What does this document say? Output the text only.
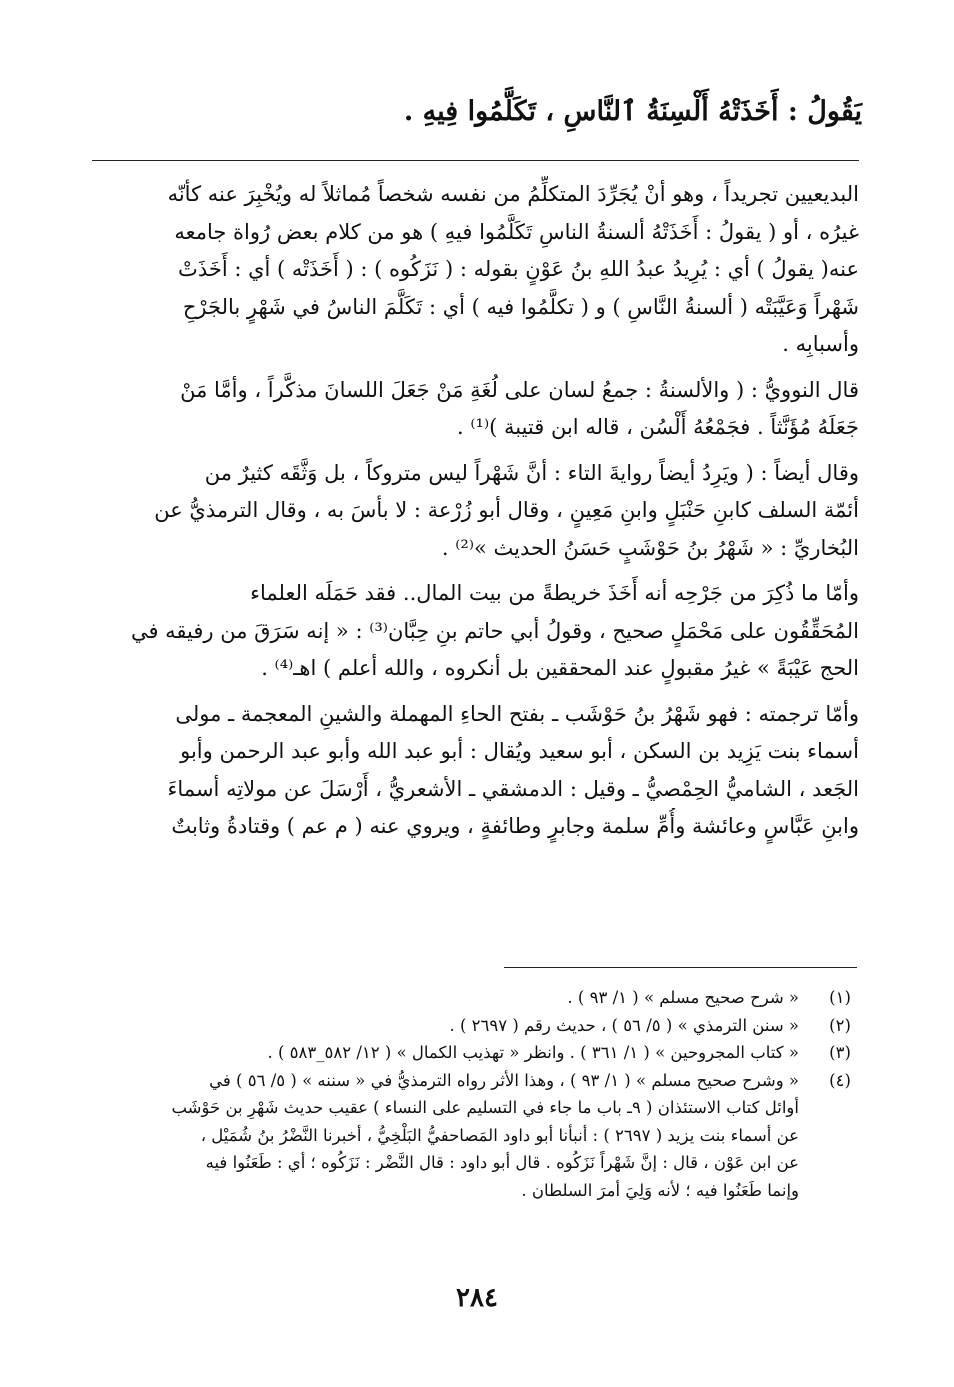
يَقُولُ : أَخَذَتْهُ أَلْسِنَةُ ٱلنَّاسِ ، تَكَلَّمُوا فِيهِ .

البديعيين تجريداً ، وهو أنْ يُجَرِّدَ المتكلِّمُ من نفسه شخصاً مُماثلاً له ويُخْبِرَ عنه كأنّه
غيرُه ، أو ( يقولُ : أَخَذَتْهُ ألسنةُ الناسِ تَكَلَّمُوا فيهِ ) هو من كلام بعض رُواة جامعه
عنه( يقولُ ) أي : يُرِيدُ عبدُ اللهِ بنُ عَوْنٍ بقوله : ( نَزَكُوه ) : ( أَخَذَتْه ) أي : أَخَذَتْ
شَهْراً وَعَيَّبَتْه ( ألسنةُ النَّاسِ ) و ( تكلَّمُوا فيه ) أي : تَكَلَّمَ الناسُ في شَهْرٍ بالجَرْحِ
وأسبابِه .

قال النوويُّ : ( والألسنةُ : جمعُ لسان على لُغَةِ مَنْ جَعَلَ اللسانَ مذكَّراً ، وأمَّا مَنْ
جَعَلَهُ مُؤَنَّثاً . فجَمْعُهُ أَلْسُن ، قاله ابن قتيبة )⁽¹⁾ .

وقال أيضاً : ( ويَرِدُ أيضاً روايةَ التاء : أنَّ شَهْراً ليس متروكاً ، بل وَثَّقَه كثيرٌ من
أئمّة السلف كابنِ حَنْبَلٍ وابنِ مَعِينٍ ، وقال أبو زُرْعة : لا بأسَ به ، وقال الترمذيُّ عن
البُخاريِّ : « شَهْرُ بنُ حَوْشَبٍ حَسَنُ الحديث »⁽²⁾ .

وأمّا ما ذُكِرَ من جَرْحِه أنه أَخَذَ خريطةً من بيت المال.. فقد حَمَلَه العلماء
المُحَقِّقُون على مَحْمَلٍ صحيح ، وقولُ أبي حاتم بنِ حِبَّان⁽³⁾ : « إنه سَرَقَ من رفيقه في
الحج عَيْبَةً » غيرُ مقبولٍ عند المحققين بل أنكروه ، والله أعلم ) اهـ⁽⁴⁾ .

وأمّا ترجمته : فهو شَهْرُ بنُ حَوْشَب ـ بفتح الحاءِ المهملة والشينِ المعجمة ـ مولى
أسماء بنت يَزِيد بن السكن ، أبو سعيد ويُقال : أبو عبد الله وأبو عبد الرحمن وأبو
الجَعد ، الشاميُّ الحِمْصيُّ ـ وقيل : الدمشقي ـ الأشعريُّ ، أَرْسَلَ عن مولاتِه أسماءَ
وابنِ عَبَّاسٍ وعائشة وأُمِّ سلمة وجابرٍ وطائفةٍ ، ويروي عنه ( م عم ) وقتادةُ وثابتٌ

(١)
« شرح صحيح مسلم » ( ١/ ٩٣ ) .
(٢)
« سنن الترمذي » ( ٥/ ٥٦ ) ، حديث رقم ( ٢٦٩٧ ) .
(٣)
« كتاب المجروحين » ( ١/ ٣٦١ ) . وانظر « تهذيب الكمال » ( ١٢/ ٥٨٢_٥٨٣ ) .
(٤)
« وشرح صحيح مسلم » ( ١/ ٩٣ ) ، وهذا الأثر رواه الترمذيُّ في « سننه » ( ٥/ ٥٦ ) في
أوائل كتاب الاستئذان ( ٩ـ باب ما جاء في التسليم على النساء ) عقيب حديث شَهْرِ بن حَوْشَب
عن أسماء بنت يزيد ( ٢٦٩٧ ) : أنبأنا أبو داود المَصاحفيُّ البَلْخِيُّ ، أخبرنا النَّضْرُ بنُ شُمَيْل ،
عن ابن عَوْن ، قال : إنَّ شَهْراً نَزَكُوه . قال أبو داود : قال النَّضْر : نَزَكُوه ؛ أي : طَعَنُوا فيه
وإنما طَعَنُوا فيه ؛ لأنه وَلِيَ أمرَ السلطان .
٢٨٤
